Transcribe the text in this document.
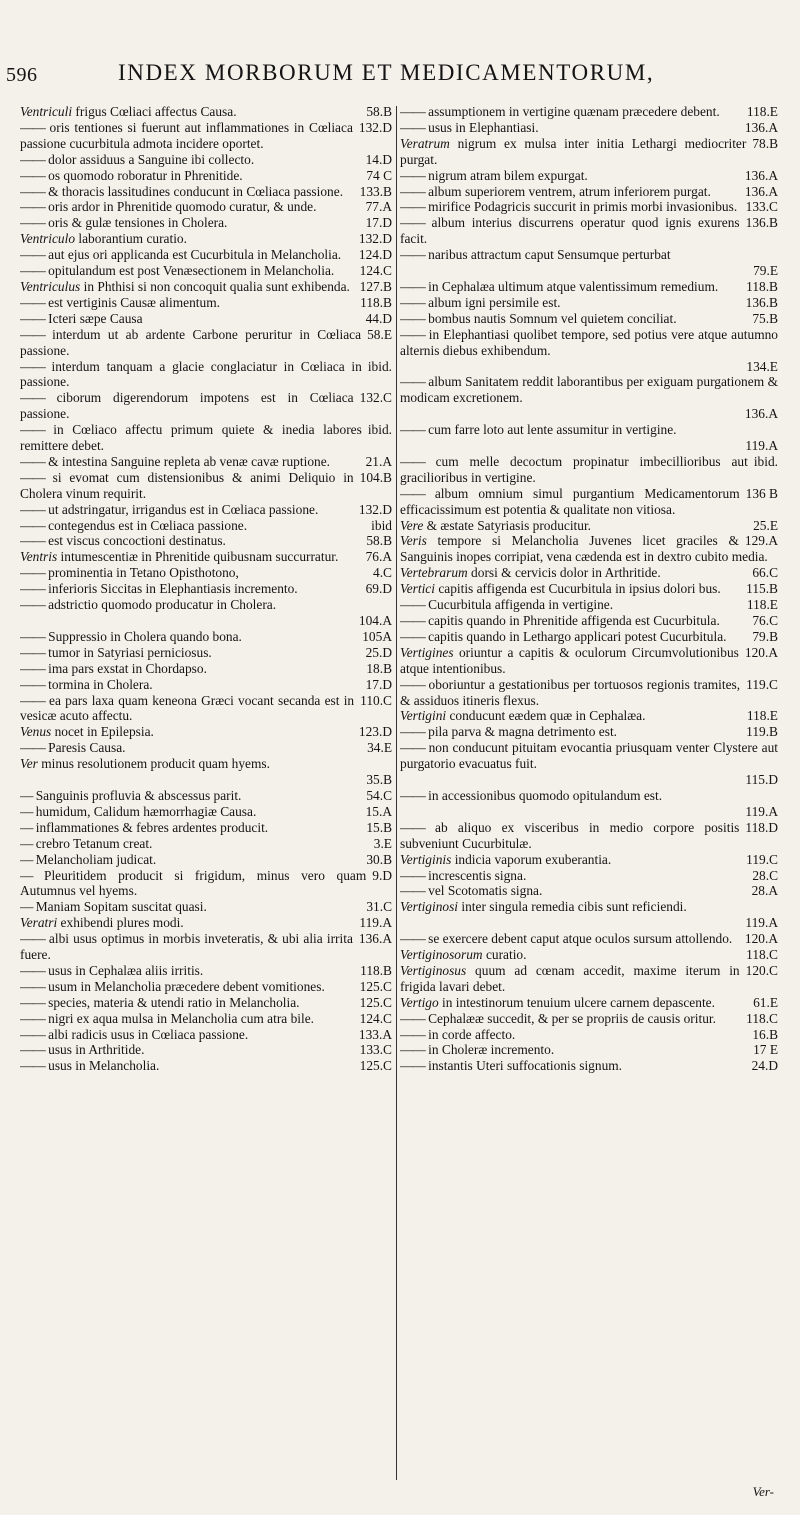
596	INDEX MORBORUM ET MEDICAMENTORUM,

58.B
Ventriculi frigus Cœliaci affectus Causa.

132.D
—— oris tentiones si fuerunt aut inflammationes in Cœliaca passione cucurbitula admota incidere oportet.

14.D
—— dolor assiduus a Sanguine ibi collecto.

74 C
—— os quomodo roboratur in Phrenitide.

133.B
—— & thoracis lassitudines conducunt in Cœliaca passione.

77.A
—— oris ardor in Phrenitide quomodo curatur, & unde.

17.D
—— oris & gulæ tensiones in Cholera.

132.D
Ventriculo laborantium curatio.

124.D
—— aut ejus ori applicanda est Cucurbitula in Melancholia.

124.C
—— opitulandum est post Venæsectionem in Melancholia.

127.B
Ventriculus in Phthisi si non concoquit qualia sunt exhibenda.

118.B
—— est vertiginis Causæ alimentum.

44.D
—— Icteri sæpe Causa

58.E
—— interdum ut ab ardente Carbone peruritur in Cœliaca passione.

ibid.
—— interdum tanquam a glacie conglaciatur in Cœliaca in passione.

132.C
—— ciborum digerendorum impotens est in Cœliaca passione.

ibid.
—— in Cœliaco affectu primum quiete & inedia labores remittere debet.

21.A
—— & intestina Sanguine repleta ab venæ cavæ ruptione.

104.B
—— si evomat cum distensionibus & animi Deliquio in Cholera vinum requirit.

132.D
—— ut adstringatur, irrigandus est in Cœliaca passione.

ibid
—— contegendus est in Cœliaca passione.

58.B
—— est viscus concoctioni destinatus.

76.A
Ventris intumescentiæ in Phrenitide quibusnam succurratur.

4.C
—— prominentia in Tetano Opisthotono,

69.D
—— inferioris Siccitas in Elephantiasis incremento.

—— adstrictio quomodo producatur in Cholera.
104.A

105A
—— Suppressio in Cholera quando bona.

25.D
—— tumor in Satyriasi perniciosus.

18.B
—— ima pars exstat in Chordapso.

17.D
—— tormina in Cholera.

110.C
—— ea pars laxa quam keneona Græci vocant secanda est in vesicæ acuto affectu.

123.D
Venus nocet in Epilepsia.

34.E
—— Paresis Causa.

Ver minus resolutionem producit quam hyems.
35.B

54.C
— Sanguinis profluvia & abscessus parit.

15.A
— humidum, Calidum hæmorrhagiæ Causa.

15.B
— inflammationes & febres ardentes producit.

3.E
— crebro Tetanum creat.

30.B
— Melancholiam judicat.

9.D
— Pleuritidem producit si frigidum, minus vero quam Autumnus vel hyems.

31.C
— Maniam Sopitam suscitat quasi.

119.A
Veratri exhibendi plures modi.

136.A
—— albi usus optimus in morbis inveteratis, & ubi alia irrita fuere.

118.B
—— usus in Cephalæa aliis irritis.

125.C
—— usum in Melancholia præcedere debent vomitiones.

125.C
—— species, materia & utendi ratio in Melancholia.

124.C
—— nigri ex aqua mulsa in Melancholia cum atra bile.

133.A
—— albi radicis usus in Cœliaca passione.

133.C
—— usus in Arthritide.

125.C
—— usus in Melancholia.

118.E
—— assumptionem in vertigine quænam præcedere debent.

136.A
—— usus in Elephantiasi.

78.B
Veratrum nigrum ex mulsa inter initia Lethargi mediocriter purgat.

136.A
—— nigrum atram bilem expurgat.

136.A
—— album superiorem ventrem, atrum inferiorem purgat.

133.C
—— mirifice Podagricis succurit in primis morbi invasionibus.

136.B
—— album interius discurrens operatur quod ignis exurens facit.

—— naribus attractum caput Sensumque perturbat
79.E

118.B
—— in Cephalæa ultimum atque valentissimum remedium.

136.B
—— album igni persimile est.

75.B
—— bombus nautis Somnum vel quietem conciliat.

—— in Elephantiasi quolibet tempore, sed potius vere atque autumno alternis diebus exhibendum.
134.E

—— album Sanitatem reddit laborantibus per exiguam purgationem & modicam excretionem.
136.A

—— cum farre loto aut lente assumitur in vertigine.
119.A

ibid.
—— cum melle decoctum propinatur imbecillioribus aut gracilioribus in vertigine.

136 B
—— album omnium simul purgantium Medicamentorum efficacissimum est potentia & qualitate non vitiosa.

25.E
Vere & æstate Satyriasis producitur.

129.A
Veris tempore si Melancholia Juvenes licet graciles & Sanguinis inopes corripiat, vena cædenda est in dextro cubito media.

66.C
Vertebrarum dorsi & cervicis dolor in Arthritide.

115.B
Vertici capitis affigenda est Cucurbitula in ipsius dolori bus.

118.E
—— Cucurbitula affigenda in vertigine.

76.C
—— capitis quando in Phrenitide affigenda est Cucurbitula.

79.B
—— capitis quando in Lethargo applicari potest Cucurbitula.

120.A
Vertigines oriuntur a capitis & oculorum Circumvolutionibus atque intentionibus.

119.C
—— oboriuntur a gestationibus per tortuosos regionis tramites, & assiduos itineris flexus.

118.E
Vertigini conducunt eædem quæ in Cephalæa.

119.B
—— pila parva & magna detrimento est.

—— non conducunt pituitam evocantia priusquam venter Clystere aut purgatorio evacuatus fuit.
115.D

—— in accessionibus quomodo opitulandum est.
119.A

118.D
—— ab aliquo ex visceribus in medio corpore positis subveniunt Cucurbitulæ.

119.C
Vertiginis indicia vaporum exuberantia.

28.C
—— increscentis signa.

28.A
—— vel Scotomatis signa.

Vertiginosi inter singula remedia cibis sunt reficiendi.
119.A

120.A
—— se exercere debent caput atque oculos sursum attollendo.

118.C
Vertiginosorum curatio.

120.C
Vertiginosus quum ad cœnam accedit, maxime iterum in frigida lavari debet.

61.E
Vertigo in intestinorum tenuium ulcere carnem depascente.

118.C
—— Cephalææ succedit, & per se propriis de causis oritur.

16.B
—— in corde affecto.

17 E
—— in Choleræ incremento.

24.D
—— instantis Uteri suffocationis signum.

Ver-
